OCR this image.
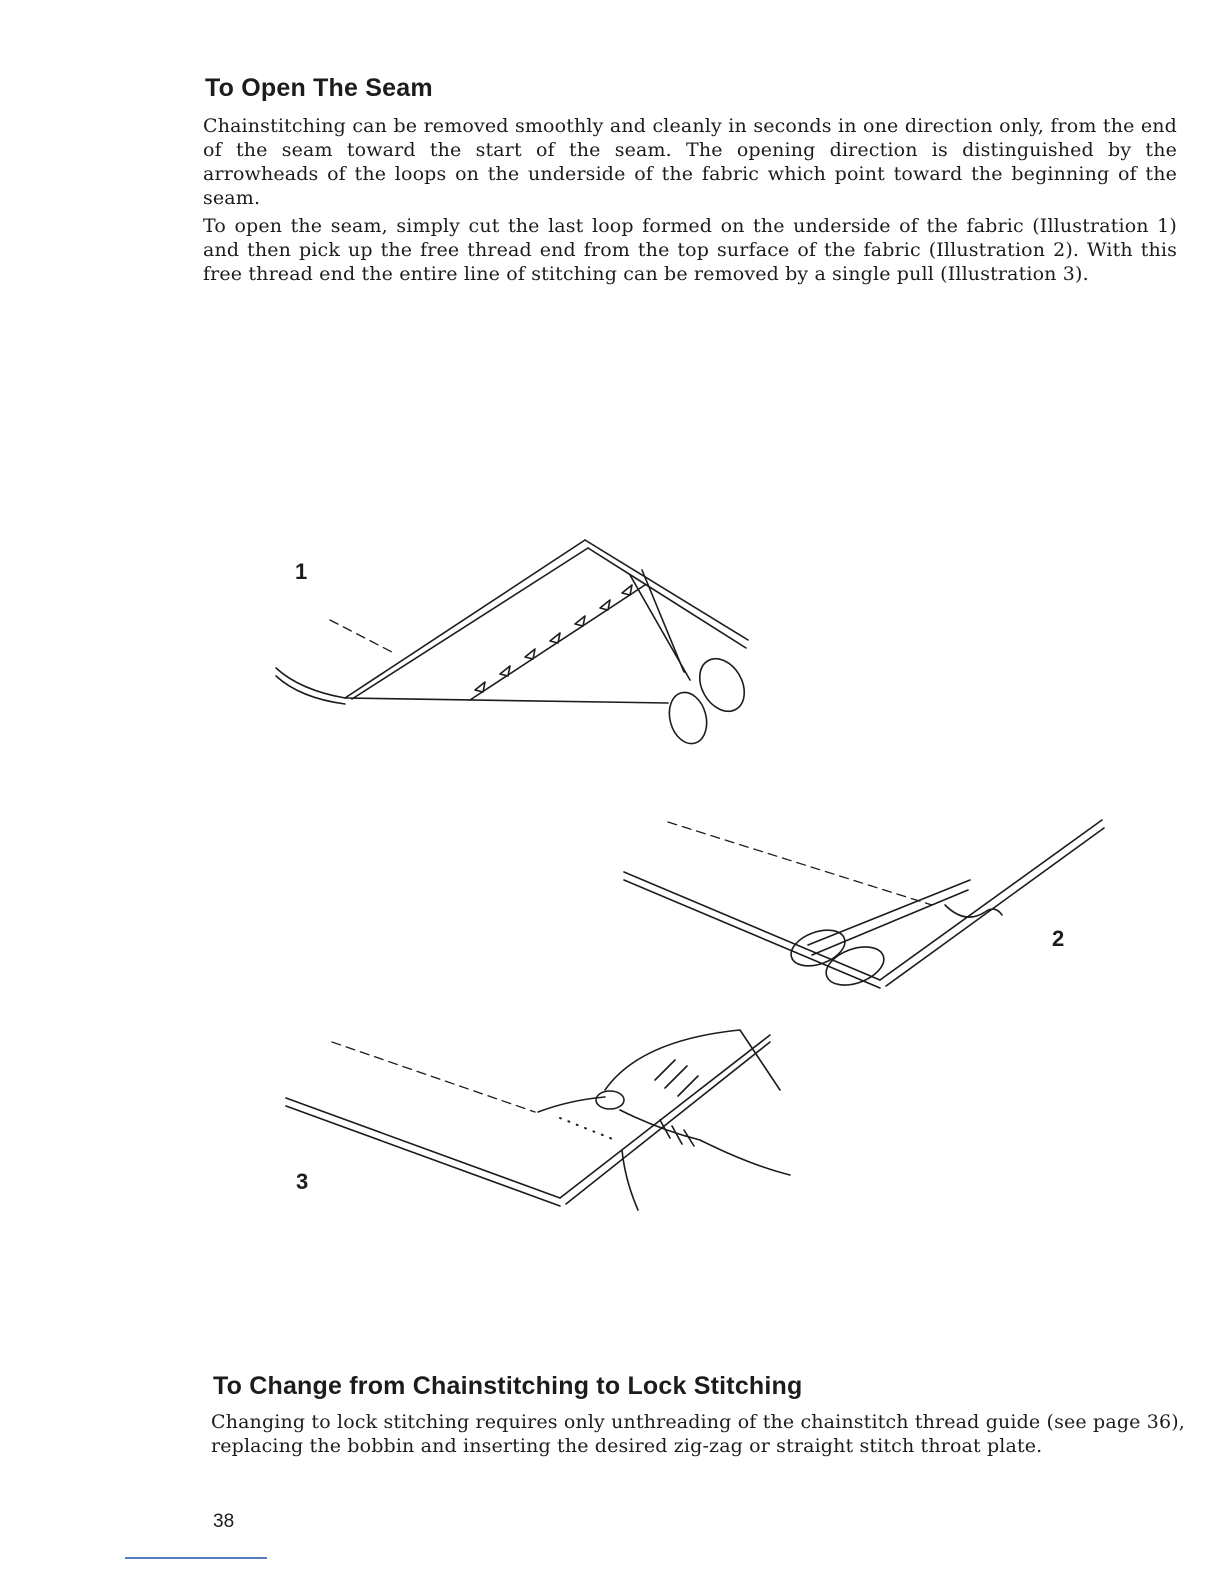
To Open The Seam

Chainstitching can be removed smoothly and cleanly in seconds in one direction only, from the end of the seam toward the start of the seam. The opening direction is distinguished by the arrowheads of the loops on the underside of the fabric which point toward the beginning of the seam.

To open the seam, simply cut the last loop formed on the underside of the fabric (Illustration 1) and then pick up the free thread end from the top surface of the fabric (Illustration 2). With this free thread end the entire line of stitching can be removed by a single pull (Illustration 3).

1
2
3
To Change from Chainstitching to Lock Stitching

Changing to lock stitching requires only unthreading of the chainstitch thread guide (see page 36), replacing the bobbin and inserting the desired zig-zag or straight stitch throat plate.

38
